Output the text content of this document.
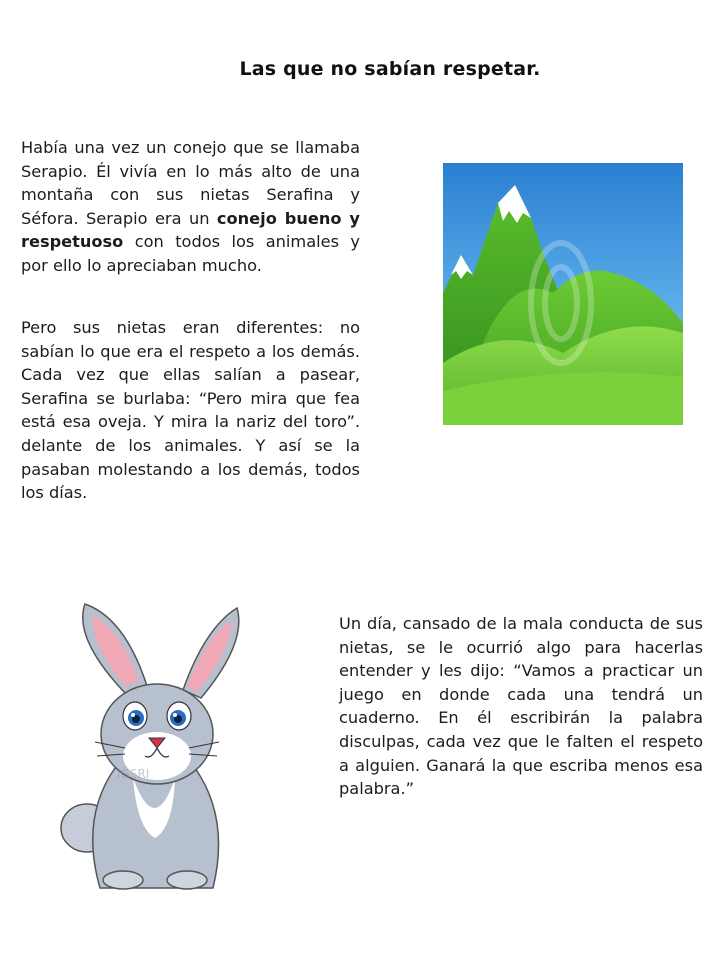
Las que no sabían respetar.

Había una vez un conejo que se llamaba Serapio. Él vivía en lo más alto de una montaña con sus nietas Serafina y Séfora. Serapio era un conejo bueno y respetuoso con todos los animales y por ello lo apreciaban mucho.

Pero sus nietas eran diferentes: no sabían lo que era el respeto a los demás. Cada vez que ellas salían a pasear, Serafina se burlaba: “Pero mira que fea está esa oveja. Y mira la nariz del toro”. delante de los animales. Y así se la pasaban molestando a los demás, todos los días.

Un día, cansado de la mala conducta de sus nietas, se le ocurrió algo para hacerlas entender y les dijo: “Vamos a practicar un juego en donde cada una tendrá un cuaderno. En él escribirán la palabra disculpas, cada vez que le falten el respeto a alguien. Ganará la que escriba menos esa palabra.”

IGSRI
